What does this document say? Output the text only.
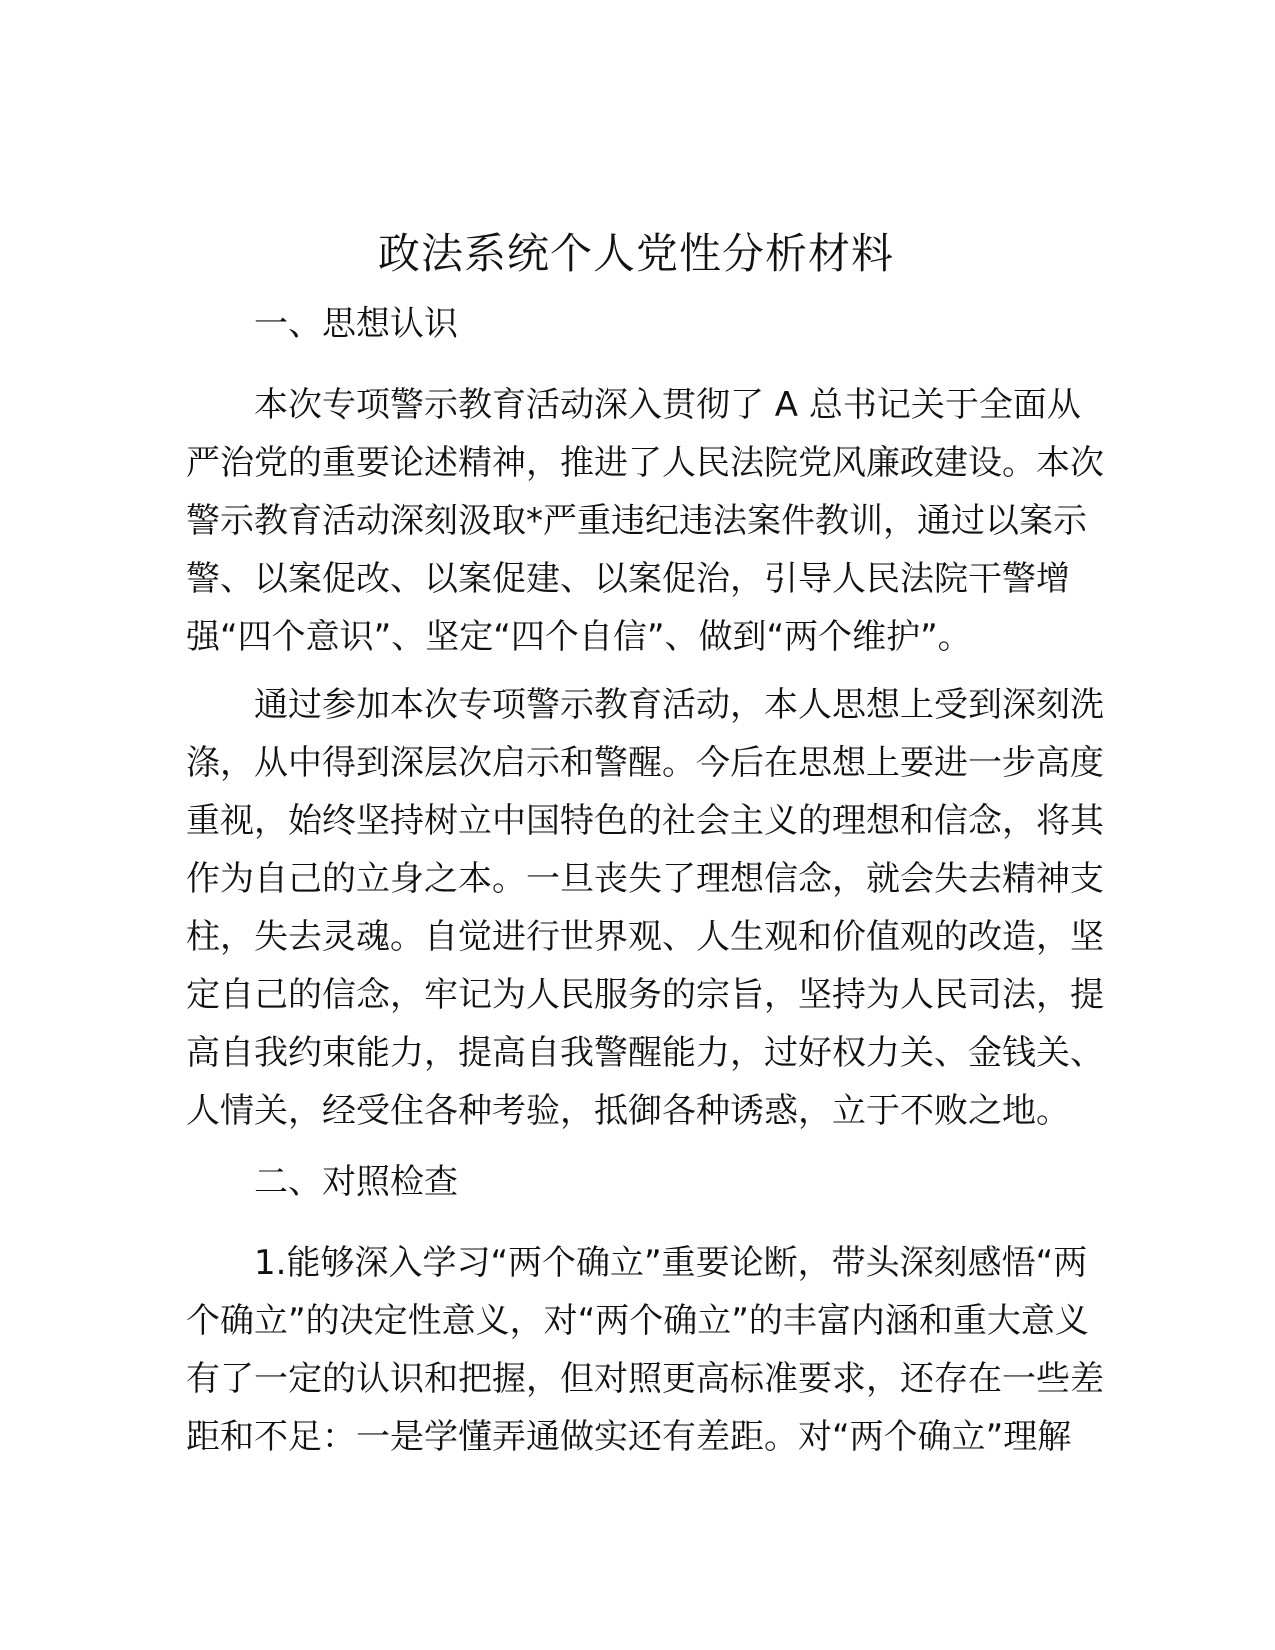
政法系统个人党性分析材料
一、思想认识

本次专项警示教育活动深入贯彻了 A 总书记关于全面从
严治党的重要论述精神，推进了人民法院党风廉政建设。本次
警示教育活动深刻汲取*严重违纪违法案件教训，通过以案示
警、以案促改、以案促建、以案促治，引导人民法院干警增
强“四个意识”、坚定“四个自信”、做到“两个维护”。

通过参加本次专项警示教育活动，本人思想上受到深刻洗
涤，从中得到深层次启示和警醒。今后在思想上要进一步高度
重视，始终坚持树立中国特色的社会主义的理想和信念，将其
作为自己的立身之本。一旦丧失了理想信念，就会失去精神支
柱，失去灵魂。自觉进行世界观、人生观和价值观的改造，坚
定自己的信念，牢记为人民服务的宗旨，坚持为人民司法，提
高自我约束能力，提高自我警醒能力，过好权力关、金钱关、
人情关，经受住各种考验，抵御各种诱惑，立于不败之地。

二、对照检查

1.能够深入学习“两个确立”重要论断，带头深刻感悟“两
个确立”的决定性意义，对“两个确立”的丰富内涵和重大意义
有了一定的认识和把握，但对照更高标准要求，还存在一些差
距和不足：一是学懂弄通做实还有差距。对“两个确立”理解
